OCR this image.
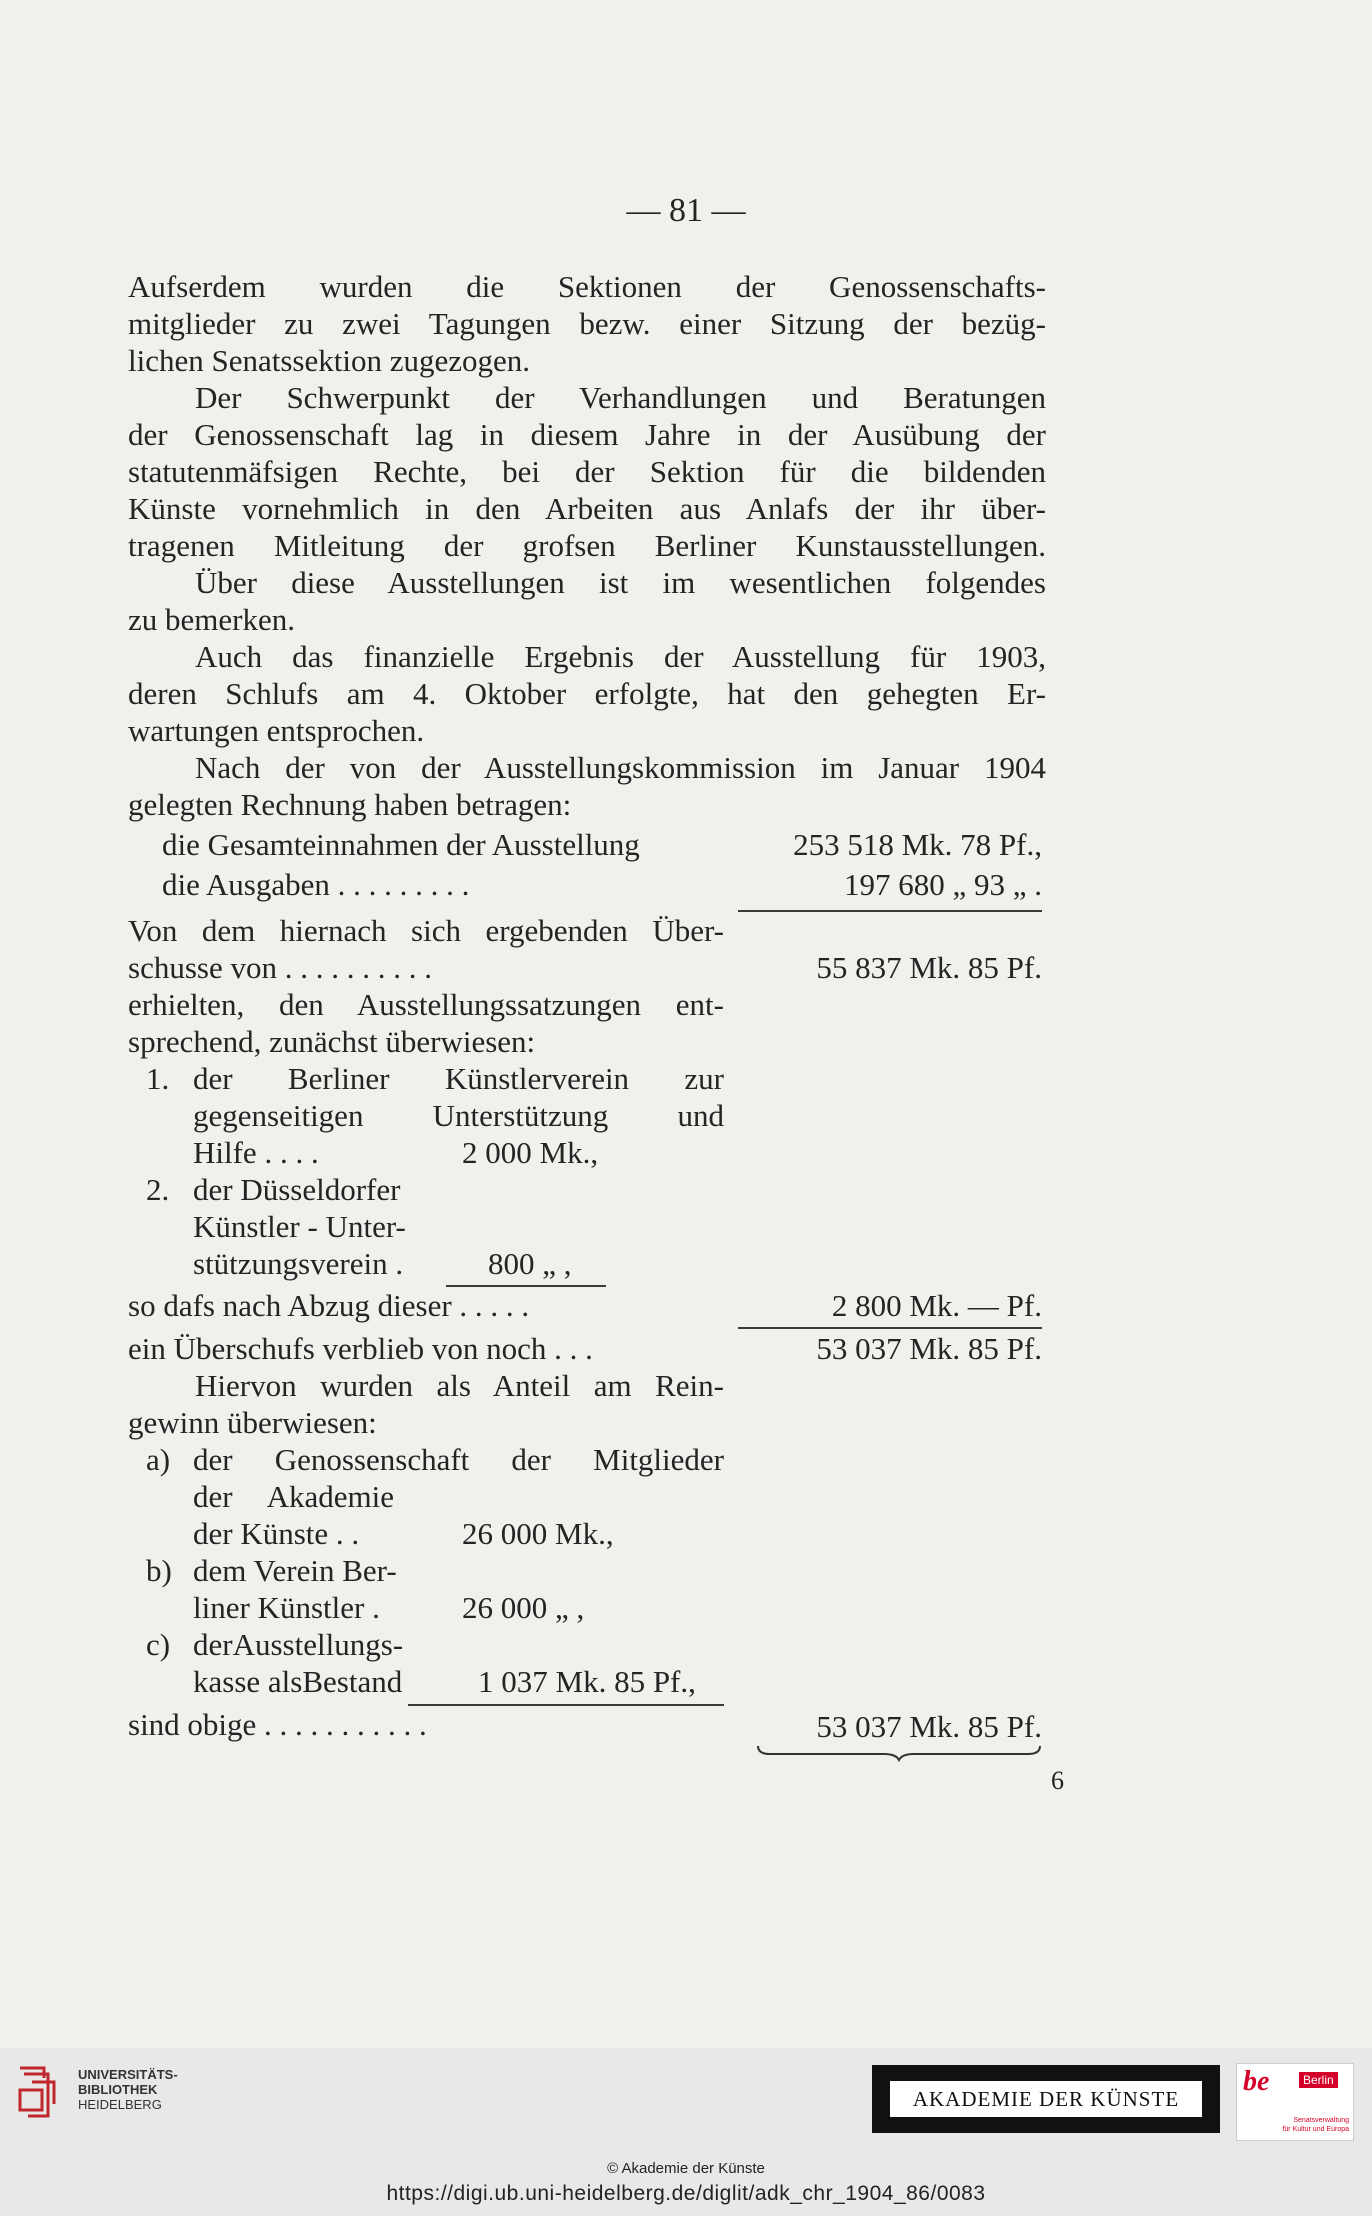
— 81 —
Aufserdem wurden die Sektionen der Genossenschafts-
mitglieder zu zwei Tagungen bezw. einer Sitzung der bezüg-
lichen Senatssektion zugezogen.
Der Schwerpunkt der Verhandlungen und Beratungen
der Genossenschaft lag in diesem Jahre in der Ausübung der
statutenmäfsigen Rechte, bei der Sektion für die bildenden
Künste vornehmlich in den Arbeiten aus Anlafs der ihr über-
tragenen Mitleitung der grofsen Berliner Kunstausstellungen.
Über diese Ausstellungen ist im wesentlichen folgendes
zu bemerken.
Auch das finanzielle Ergebnis der Ausstellung für 1903,
deren Schlufs am 4. Oktober erfolgte, hat den gehegten Er-
wartungen entsprochen.
Nach der von der Ausstellungskommission im Januar 1904
gelegten Rechnung haben betragen:
die Gesamteinnahmen der Ausstellung	253 518 Mk. 78 Pf.,
die Ausgaben . . . . . . . . .	197 680 „ 93 „ .
Von dem hiernach sich ergebenden Über-
schusse von . . . . . . . . . .	55 837 Mk. 85 Pf.
erhielten, den Ausstellungssatzungen ent-
sprechend, zunächst überwiesen:
1. der Berliner Künstlerverein zur
gegenseitigen Unterstützung und
Hilfe . . . .	2 000 Mk.,
2. der Düsseldorfer
Künstler - Unter-
stützungsverein .	800 „ ,
so dafs nach Abzug dieser . . . . .	2 800 Mk. — Pf.
ein Überschufs verblieb von noch . . .	53 037 Mk. 85 Pf.
Hiervon wurden als Anteil am Rein-
gewinn überwiesen:
a) der Genossenschaft der Mitglieder
der Akademie
der Künste . .	26 000 Mk.,
b) dem Verein Ber-
liner Künstler .	26 000 „ ,
c) derAusstellungs-
kasse alsBestand 1 037 Mk. 85 Pf.,
sind obige . . . . . . . . . . .	53 037 Mk. 85 Pf.
6
UNIVERSITÄTS-
BIBLIOTHEK
HEIDELBERG	AKADEMIE DER KÜNSTE
be	Berlin
Senatsverwaltung
für Kultur und Europa
© Akademie der Künste
https://digi.ub.uni-heidelberg.de/diglit/adk_chr_1904_86/0083
